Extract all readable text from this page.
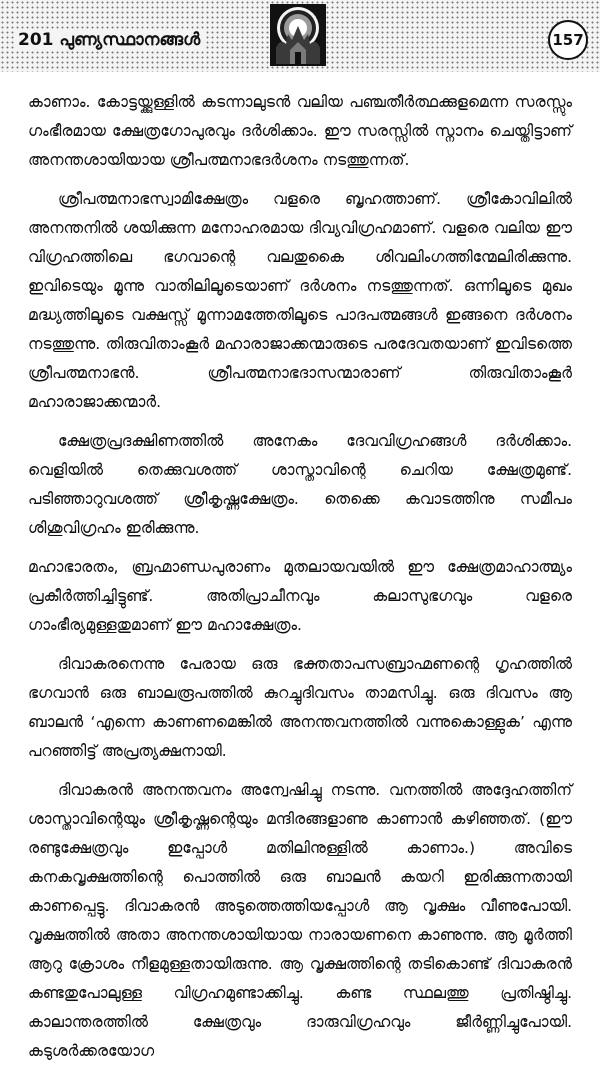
201 പുണ്യസ്ഥാനങ്ങൾ	157

കാണാം. കോട്ടയ്ക്കുള്ളിൽ കടന്നാലുടൻ വലിയ പഞ്ചതീർത്ഥക്കുളമെന്ന സരസ്സും ഗംഭീരമായ ക്ഷേത്രഗോപുരവും ദർശിക്കാം. ഈ സരസ്സിൽ സ്നാനം ചെയ്തിട്ടാണ് അനന്തശായിയായ ശ്രീപത്മനാഭദർശനം നടത്തുന്നത്.

ശ്രീപത്മനാഭസ്വാമിക്ഷേത്രം വളരെ ബൃഹത്താണ്. ശ്രീകോവിലിൽ അനന്തനിൽ ശയിക്കുന്ന മനോഹരമായ ദിവ്യവിഗ്രഹമാണ്. വളരെ വലിയ ഈ വിഗ്രഹത്തിലെ ഭഗവാന്റെ വലതുകൈ ശിവലിംഗത്തിന്മേലിരിക്കുന്നു. ഇവിടെയും മൂന്നു വാതിലിലൂടെയാണ് ദർശനം നടത്തുന്നത്. ഒന്നിലൂടെ മുഖം മദ്ധ്യത്തിലൂടെ വക്ഷസ്സ് മൂന്നാമത്തേതിലൂടെ പാദപത്മങ്ങൾ ഇങ്ങനെ ദർശനം നടത്തുന്നു. തിരുവിതാംകൂർ മഹാരാജാക്കന്മാരുടെ പരദേവതയാണ് ഇവിടത്തെ ശ്രീപത്മനാഭൻ. ശ്രീപത്മനാഭദാസന്മാരാണ് തിരുവിതാംകൂർ മഹാരാജാക്കന്മാർ.

ക്ഷേത്രപ്രദക്ഷിണത്തിൽ അനേകം ദേവവിഗ്രഹങ്ങൾ ദർശിക്കാം. വെളിയിൽ തെക്കുവശത്ത് ശാസ്താവിന്റെ ചെറിയ ക്ഷേത്രമുണ്ട്. പടിഞ്ഞാറുവശത്ത് ശ്രീകൃഷ്ണക്ഷേത്രം. തെക്കെ കവാടത്തിനു സമീപം ശിശുവിഗ്രഹം ഇരിക്കുന്നു.

മഹാഭാരതം, ബ്രഹ്മാണ്ഡപുരാണം മുതലായവയിൽ ഈ ക്ഷേത്രമാഹാത്മ്യം പ്രകീർത്തിച്ചിട്ടുണ്ട്. അതിപ്രാചീനവും കലാസുഭഗവും വളരെ ഗാംഭീര്യമുള്ളതുമാണ് ഈ മഹാക്ഷേത്രം.

ദിവാകരനെന്നു പേരായ ഒരു ഭക്തതാപസബ്രാഹ്മണന്റെ ഗൃഹത്തിൽ ഭഗവാൻ ഒരു ബാലരൂപത്തിൽ കുറച്ചുദിവസം താമസിച്ചു. ഒരു ദിവസം ആ ബാലൻ ‘എന്നെ കാണണമെങ്കിൽ അനന്തവനത്തിൽ വന്നുകൊള്ളുക’ എന്നു പറഞ്ഞിട്ട് അപ്രത്യക്ഷനായി.

ദിവാകരൻ അനന്തവനം അന്വേഷിച്ചു നടന്നു. വനത്തിൽ അദ്ദേഹത്തിന് ശാസ്താവിന്റെയും ശ്രീകൃഷ്ണന്റെയും മന്ദിരങ്ങളാണു കാണാൻ കഴിഞ്ഞത്. (ഈ രണ്ടുക്ഷേത്രവും ഇപ്പോൾ മതിലിനുള്ളിൽ കാണാം.) അവിടെ കനകവൃക്ഷത്തിന്റെ പൊത്തിൽ ഒരു ബാലൻ കയറി ഇരിക്കുന്നതായി കാണപ്പെട്ടു. ദിവാകരൻ അടുത്തെത്തിയപ്പോൾ ആ വൃക്ഷം വീണുപോയി. വൃക്ഷത്തിൽ അതാ അനന്തശായിയായ നാരായണനെ കാണുന്നു. ആ മൂർത്തി ആറു ക്രോശം നീളമുള്ളതായിരുന്നു. ആ വൃക്ഷത്തിന്റെ തടികൊണ്ട് ദിവാകരൻ കണ്ടതുപോലുള്ള വിഗ്രഹമുണ്ടാക്കിച്ചു. കണ്ട സ്ഥലത്തു പ്രതിഷ്ഠിച്ചു. കാലാന്തരത്തിൽ ക്ഷേത്രവും ദാരുവിഗ്രഹവും ജീർണ്ണിച്ചുപോയി. കടുശർക്കരയോഗ
